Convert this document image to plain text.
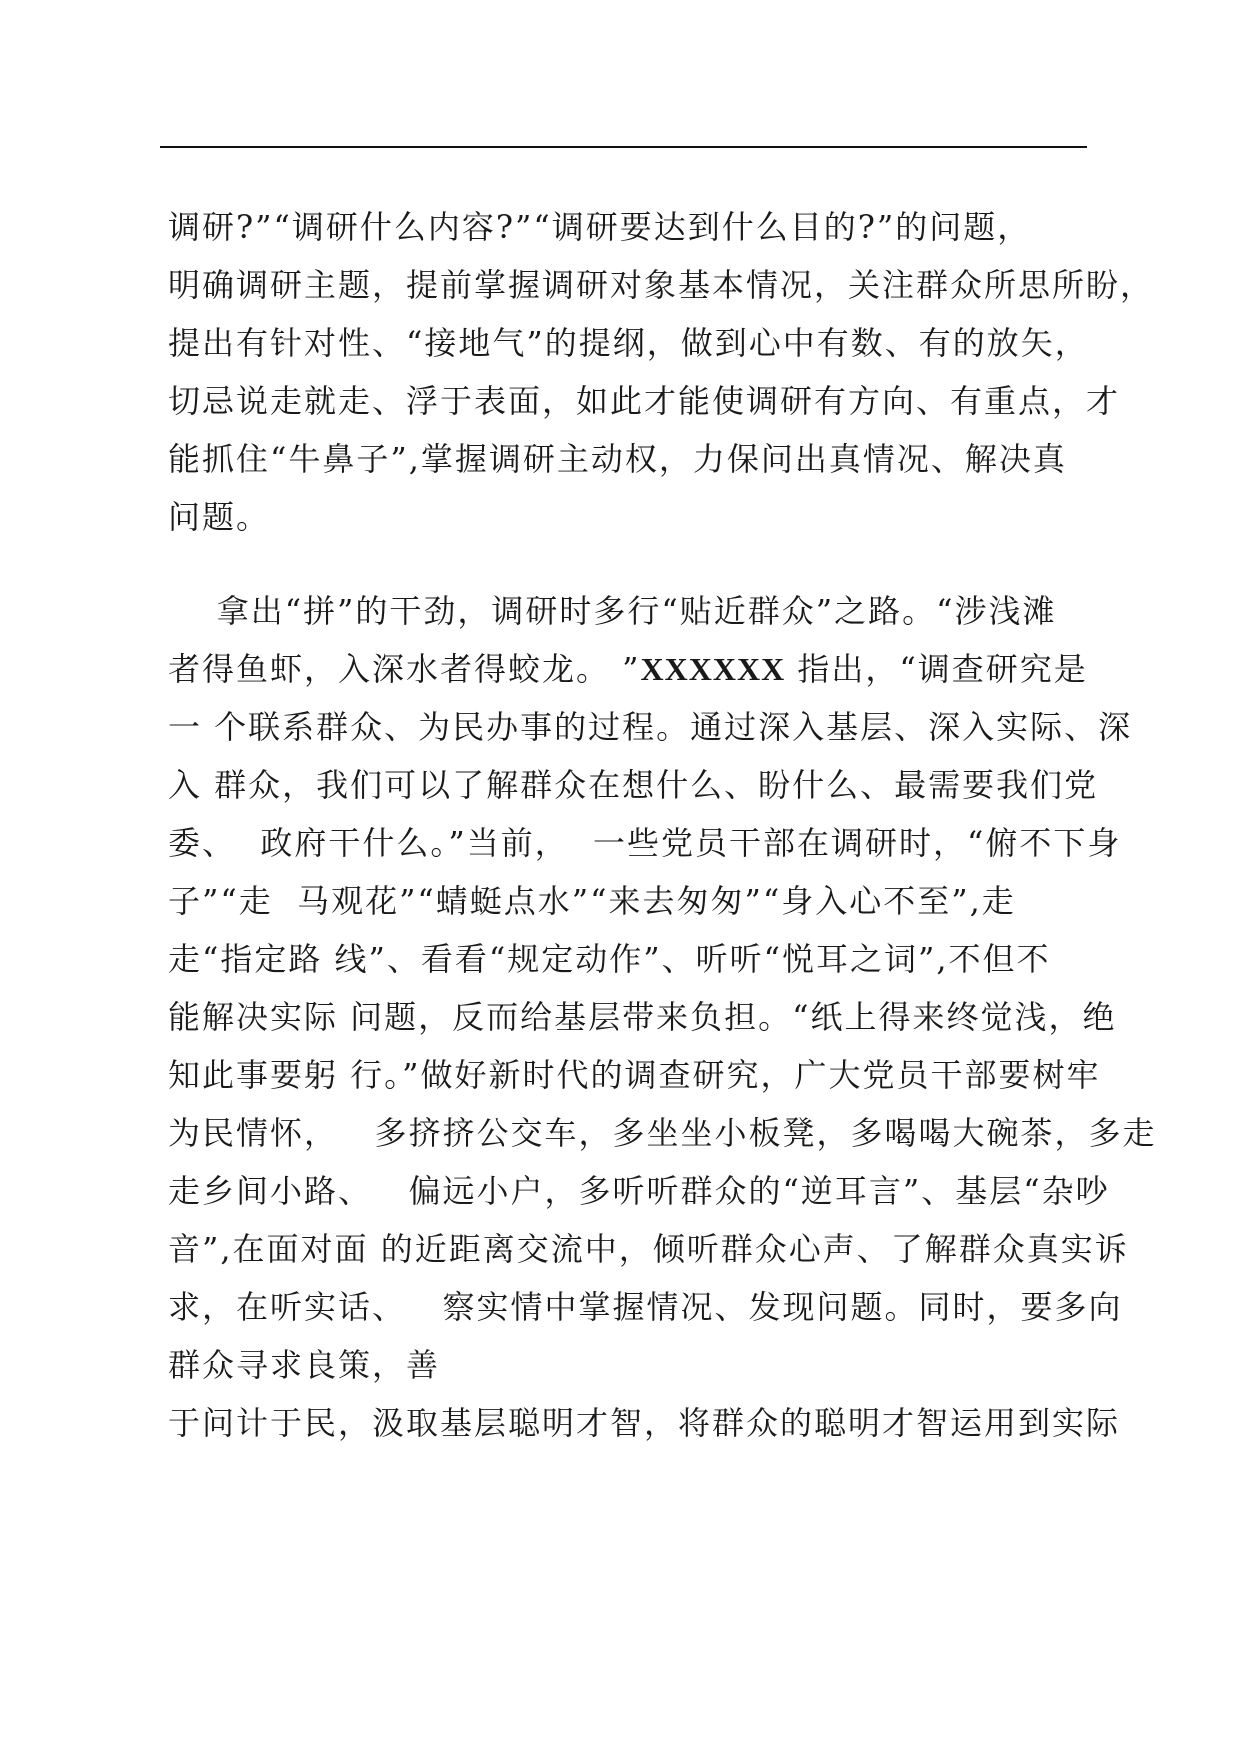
调研?”“调研什么内容?”“调研要达到什么目的?”的问题，
明确调研主题，提前掌握调研对象基本情况，关注群众所思所盼，
提出有针对性、“接地气”的提纲，做到心中有数、有的放矢，
切忌说走就走、浮于表面，如此才能使调研有方向、有重点，才
能抓住“牛鼻子”,掌握调研主动权，力保问出真情况、解决真
问题。
拿出“拼”的干劲，调研时多行“贴近群众”之路。“涉浅滩
者得鱼虾，入深水者得蛟龙。 ”XXXXXX 指出，“调查研究是
一 个联系群众、为民办事的过程。通过深入基层、深入实际、深
入 群众，我们可以了解群众在想什么、盼什么、最需要我们党
委、  政府干什么。”当前，  一些党员干部在调研时，“俯不下身
子”“走  马观花”“蜻蜓点水”“来去匆匆”“身入心不至”,走
走“指定路 线”、看看“规定动作”、听听“悦耳之词”,不但不
能解决实际 问题，反而给基层带来负担。“纸上得来终觉浅，绝
知此事要躬 行。”做好新时代的调查研究，广大党员干部要树牢
为民情怀，   多挤挤公交车，多坐坐小板凳，多喝喝大碗茶，多走
走乡间小路、   偏远小户，多听听群众的“逆耳言”、基层“杂吵
音”,在面对面 的近距离交流中，倾听群众心声、了解群众真实诉
求，在听实话、   察实情中掌握情况、发现问题。同时，要多向
群众寻求良策，善
于问计于民，汲取基层聪明才智，将群众的聪明才智运用到实际
